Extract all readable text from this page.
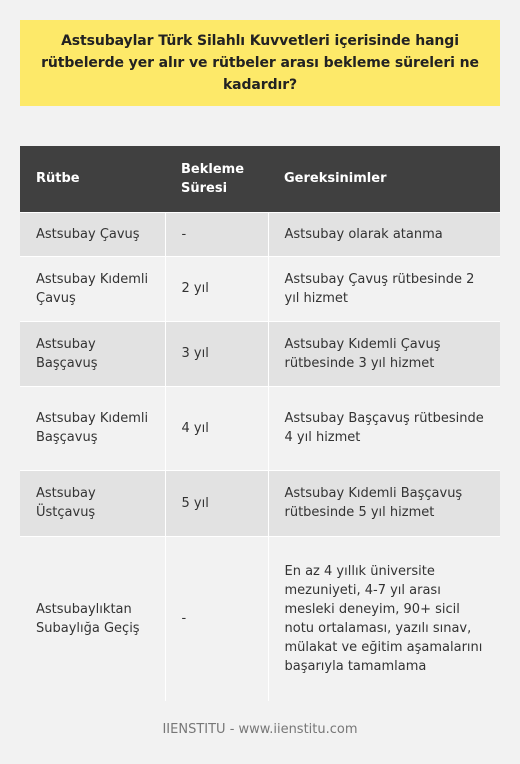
Astsubaylar Türk Silahlı Kuvvetleri içerisinde hangi rütbelerde yer alır ve rütbeler arası bekleme süreleri ne kadardır?
Rütbe	Bekleme Süresi	Gereksinimler
Astsubay Çavuş	-	Astsubay olarak atanma
Astsubay Kıdemli Çavuş	2 yıl	Astsubay Çavuş rütbesinde 2 yıl hizmet
Astsubay Başçavuş	3 yıl	Astsubay Kıdemli Çavuş rütbesinde 3 yıl hizmet
Astsubay Kıdemli Başçavuş	4 yıl	Astsubay Başçavuş rütbesinde 4 yıl hizmet
Astsubay Üstçavuş	5 yıl	Astsubay Kıdemli Başçavuş rütbesinde 5 yıl hizmet
Astsubaylıktan Subaylığa Geçiş	-	En az 4 yıllık üniversite mezuniyeti, 4-7 yıl arası mesleki deneyim, 90+ sicil notu ortalaması, yazılı sınav, mülakat ve eğitim aşamalarını başarıyla tamamlama
IIENSTITU - www.iienstitu.com
